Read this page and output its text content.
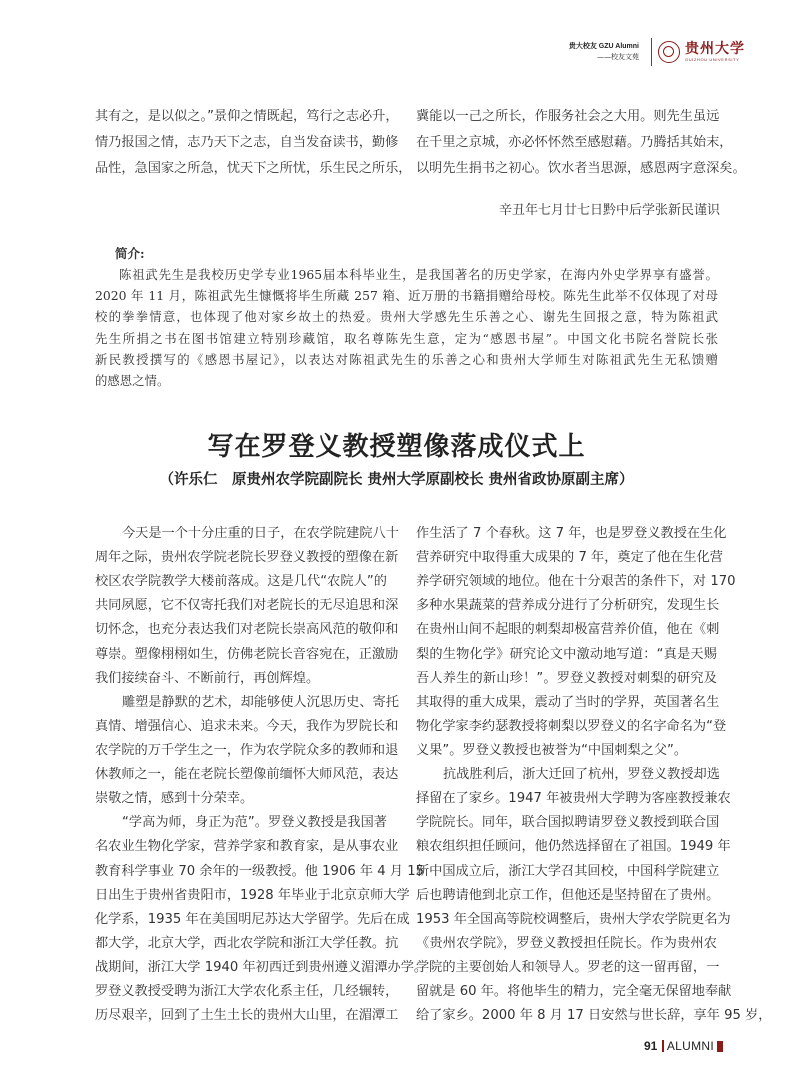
贵大校友 GZU Alumni
——校友文苑	贵州大学
GUIZHOU UNIVERSITY
其有之，是以似之。”景仰之情既起，笃行之志必升，
情乃报国之情，志乃天下之志，自当发奋读书，勤修
品性，急国家之所急，忧天下之所忧，乐生民之所乐，
冀能以一己之所长，作服务社会之大用。则先生虽远
在千里之京城，亦必怀怀然至感慰藉。乃腾括其始末，
以明先生捐书之初心。饮水者当思源，感恩两字意深矣。
辛丑年七月廿七日黔中后学张新民谨识
简介:
陈祖武先生是我校历史学专业1965届本科毕业生，是我国著名的历史学家，在海内外史学界享有盛誉。
2020 年 11 月，陈祖武先生慷慨将毕生所藏 257 箱、近万册的书籍捐赠给母校。陈先生此举不仅体现了对母
校的拳拳情意，也体现了他对家乡故土的热爱。贵州大学感先生乐善之心、谢先生回报之意，特为陈祖武
先生所捐之书在图书馆建立特别珍藏馆，取名尊陈先生意，定为“感恩书屋”。中国文化书院名誉院长张
新民教授撰写的《感恩书屋记》，以表达对陈祖武先生的乐善之心和贵州大学师生对陈祖武先生无私馈赠
的感恩之情。
写在罗登义教授塑像落成仪式上
（许乐仁　原贵州农学院副院长 贵州大学原副校长 贵州省政协原副主席）
今天是一个十分庄重的日子，在农学院建院八十
周年之际，贵州农学院老院长罗登义教授的塑像在新
校区农学院教学大楼前落成。这是几代“农院人”的
共同夙愿，它不仅寄托我们对老院长的无尽追思和深
切怀念，也充分表达我们对老院长崇高风范的敬仰和
尊崇。塑像栩栩如生，仿佛老院长音容宛在，正激励
我们接续奋斗、不断前行，再创辉煌。
雕塑是静默的艺术，却能够使人沉思历史、寄托
真情、增强信心、追求未来。今天，我作为罗院长和
农学院的万千学生之一，作为农学院众多的教师和退
休教师之一，能在老院长塑像前缅怀大师风范，表达
崇敬之情，感到十分荣幸。
“学高为师，身正为范”。罗登义教授是我国著
名农业生物化学家，营养学家和教育家，是从事农业
教育科学事业 70 余年的一级教授。他 1906 年 4 月 15
日出生于贵州省贵阳市，1928 年毕业于北京京师大学
化学系，1935 年在美国明尼苏达大学留学。先后在成
都大学，北京大学，西北农学院和浙江大学任教。抗
战期间，浙江大学 1940 年初西迁到贵州遵义湄潭办学。
罗登义教授受聘为浙江大学农化系主任，几经辗转，
历尽艰辛，回到了土生土长的贵州大山里，在湄潭工
作生活了 7 个春秋。这 7 年，也是罗登义教授在生化
营养研究中取得重大成果的 7 年，奠定了他在生化营
养学研究领域的地位。他在十分艰苦的条件下，对 170
多种水果蔬菜的营养成分进行了分析研究，发现生长
在贵州山间不起眼的刺梨却极富营养价值，他在《刺
梨的生物化学》研究论文中激动地写道：“真是天赐
吾人养生的新山珍！”。罗登义教授对刺梨的研究及
其取得的重大成果，震动了当时的学界，英国著名生
物化学家李约瑟教授将刺梨以罗登义的名字命名为“登
义果”。罗登义教授也被誉为“中国刺梨之父”。
抗战胜利后，浙大迁回了杭州，罗登义教授却选
择留在了家乡。1947 年被贵州大学聘为客座教授兼农
学院院长。同年，联合国拟聘请罗登义教授到联合国
粮农组织担任顾问，他仍然选择留在了祖国。1949 年
新中国成立后，浙江大学召其回校，中国科学院建立
后也聘请他到北京工作，但他还是坚持留在了贵州。
1953 年全国高等院校调整后，贵州大学农学院更名为
《贵州农学院》，罗登义教授担任院长。作为贵州农
学院的主要创始人和领导人。罗老的这一留再留，一
留就是 60 年。将他毕生的精力，完全毫无保留地奉献
给了家乡。2000 年 8 月 17 日安然与世长辞，享年 95 岁，
91 ALUMNI
